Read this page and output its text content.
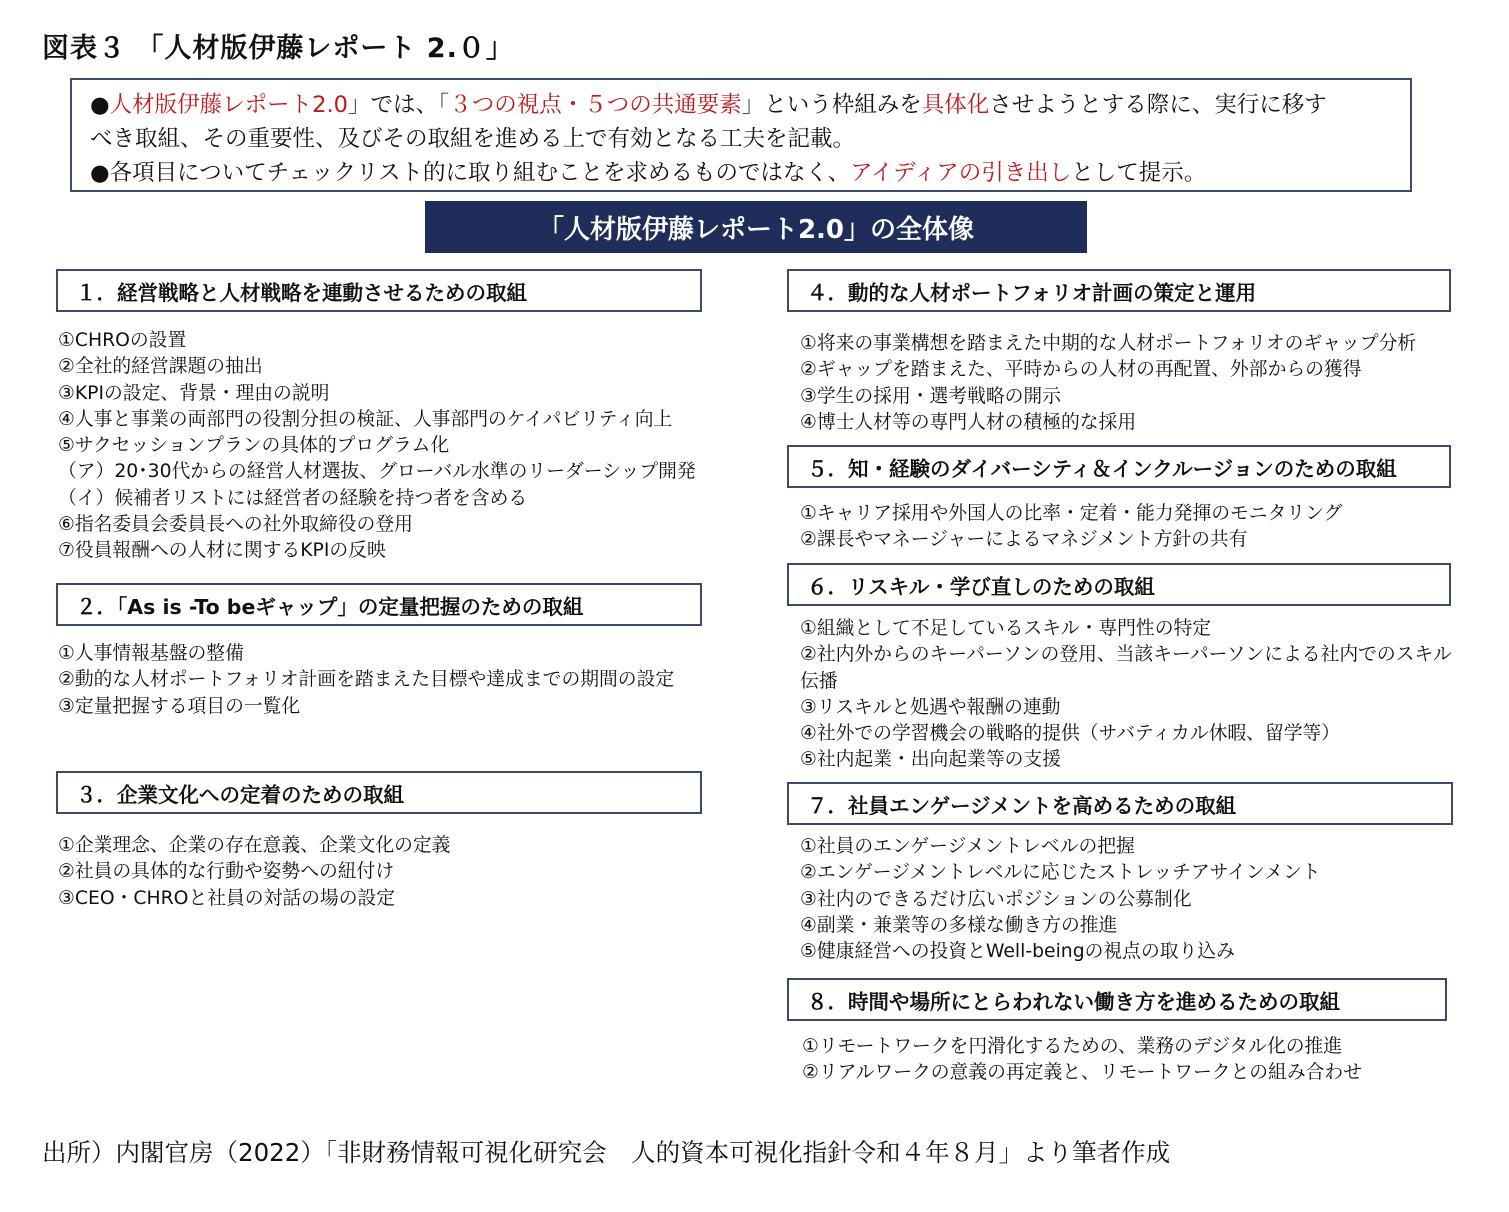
図表３ 「人材版伊藤レポート 2.０」

●人材版伊藤レポート2.0」では、「３つの視点・５つの共通要素」という枠組みを具体化させようとする際に、実行に移す

べき取組、その重要性、及びその取組を進める上で有効となる工夫を記載。

●各項目についてチェックリスト的に取り組むことを求めるものではなく、アイディアの引き出しとして提示。

「人材版伊藤レポート2.0」の全体像
１．経営戦略と人材戦略を連動させるための取組
①CHROの設置
②全社的経営課題の抽出
③KPIの設定、背景・理由の説明
④人事と事業の両部門の役割分担の検証、人事部門のケイパビリティ向上
⑤サクセッションプランの具体的プログラム化
（ア）20･30代からの経営人材選抜、グローバル水準のリーダーシップ開発
（イ）候補者リストには経営者の経験を持つ者を含める
⑥指名委員会委員長への社外取締役の登用
⑦役員報酬への人材に関するKPIの反映
２．「As is -To beギャップ」の定量把握のための取組
①人事情報基盤の整備
②動的な人材ポートフォリオ計画を踏まえた目標や達成までの期間の設定
③定量把握する項目の一覧化
３．企業文化への定着のための取組
①企業理念、企業の存在意義、企業文化の定義
②社員の具体的な行動や姿勢への紐付け
③CEO・CHROと社員の対話の場の設定
４．動的な人材ポートフォリオ計画の策定と運用
①将来の事業構想を踏まえた中期的な人材ポートフォリオのギャップ分析
②ギャップを踏まえた、平時からの人材の再配置、外部からの獲得
③学生の採用・選考戦略の開示
④博士人材等の専門人材の積極的な採用
５．知・経験のダイバーシティ＆インクルージョンのための取組
①キャリア採用や外国人の比率・定着・能力発揮のモニタリング
②課長やマネージャーによるマネジメント方針の共有
６．リスキル・学び直しのための取組
①組織として不足しているスキル・専門性の特定
②社内外からのキーパーソンの登用、当該キーパーソンによる社内でのスキル伝播
③リスキルと処遇や報酬の連動
④社外での学習機会の戦略的提供（サバティカル休暇、留学等）
⑤社内起業・出向起業等の支援
７．社員エンゲージメントを高めるための取組
①社員のエンゲージメントレベルの把握
②エンゲージメントレベルに応じたストレッチアサインメント
③社内のできるだけ広いポジションの公募制化
④副業・兼業等の多様な働き方の推進
⑤健康経営への投資とWell-beingの視点の取り込み
８．時間や場所にとらわれない働き方を進めるための取組
①リモートワークを円滑化するための、業務のデジタル化の推進
②リアルワークの意義の再定義と、リモートワークとの組み合わせ
出所）内閣官房（2022）「非財務情報可視化研究会　人的資本可視化指針令和４年８月」より筆者作成
